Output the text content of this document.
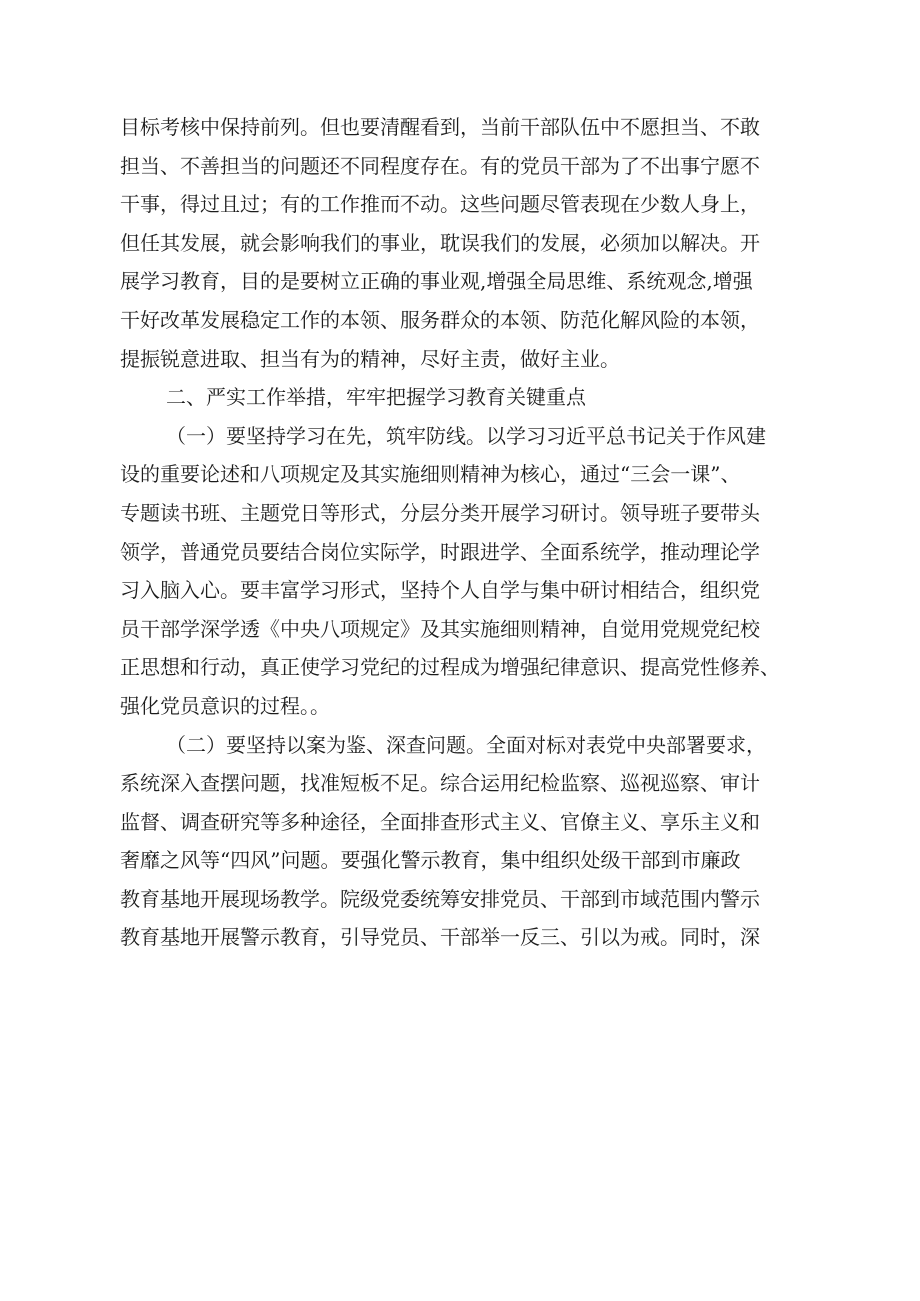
目标考核中保持前列。但也要清醒看到，当前干部队伍中不愿担当、不敢
担当、不善担当的问题还不同程度存在。有的党员干部为了不出事宁愿不
干事，得过且过；有的工作推而不动。这些问题尽管表现在少数人身上，
但任其发展，就会影响我们的事业，耽误我们的发展，必须加以解决。开
展学习教育，目的是要树立正确的事业观,增强全局思维、系统观念,增强
干好改革发展稳定工作的本领、服务群众的本领、防范化解风险的本领，
提振锐意进取、担当有为的精神，尽好主责，做好主业。
二、严实工作举措，牢牢把握学习教育关键重点
（一）要坚持学习在先，筑牢防线。以学习习近平总书记关于作风建
设的重要论述和八项规定及其实施细则精神为核心，通过“三会一课”、
专题读书班、主题党日等形式，分层分类开展学习研讨。领导班子要带头
领学，普通党员要结合岗位实际学，时跟进学、全面系统学，推动理论学
习入脑入心。要丰富学习形式，坚持个人自学与集中研讨相结合，组织党
员干部学深学透《中央八项规定》及其实施细则精神，自觉用党规党纪校
正思想和行动，真正使学习党纪的过程成为增强纪律意识、提高党性修养、
强化党员意识的过程。。
（二）要坚持以案为鉴、深查问题。全面对标对表党中央部署要求，
系统深入查摆问题，找准短板不足。综合运用纪检监察、巡视巡察、审计
监督、调查研究等多种途径，全面排查形式主义、官僚主义、享乐主义和
奢靡之风等“四风”问题。要强化警示教育，集中组织处级干部到市廉政
教育基地开展现场教学。院级党委统筹安排党员、干部到市域范围内警示
教育基地开展警示教育，引导党员、干部举一反三、引以为戒。同时，深
